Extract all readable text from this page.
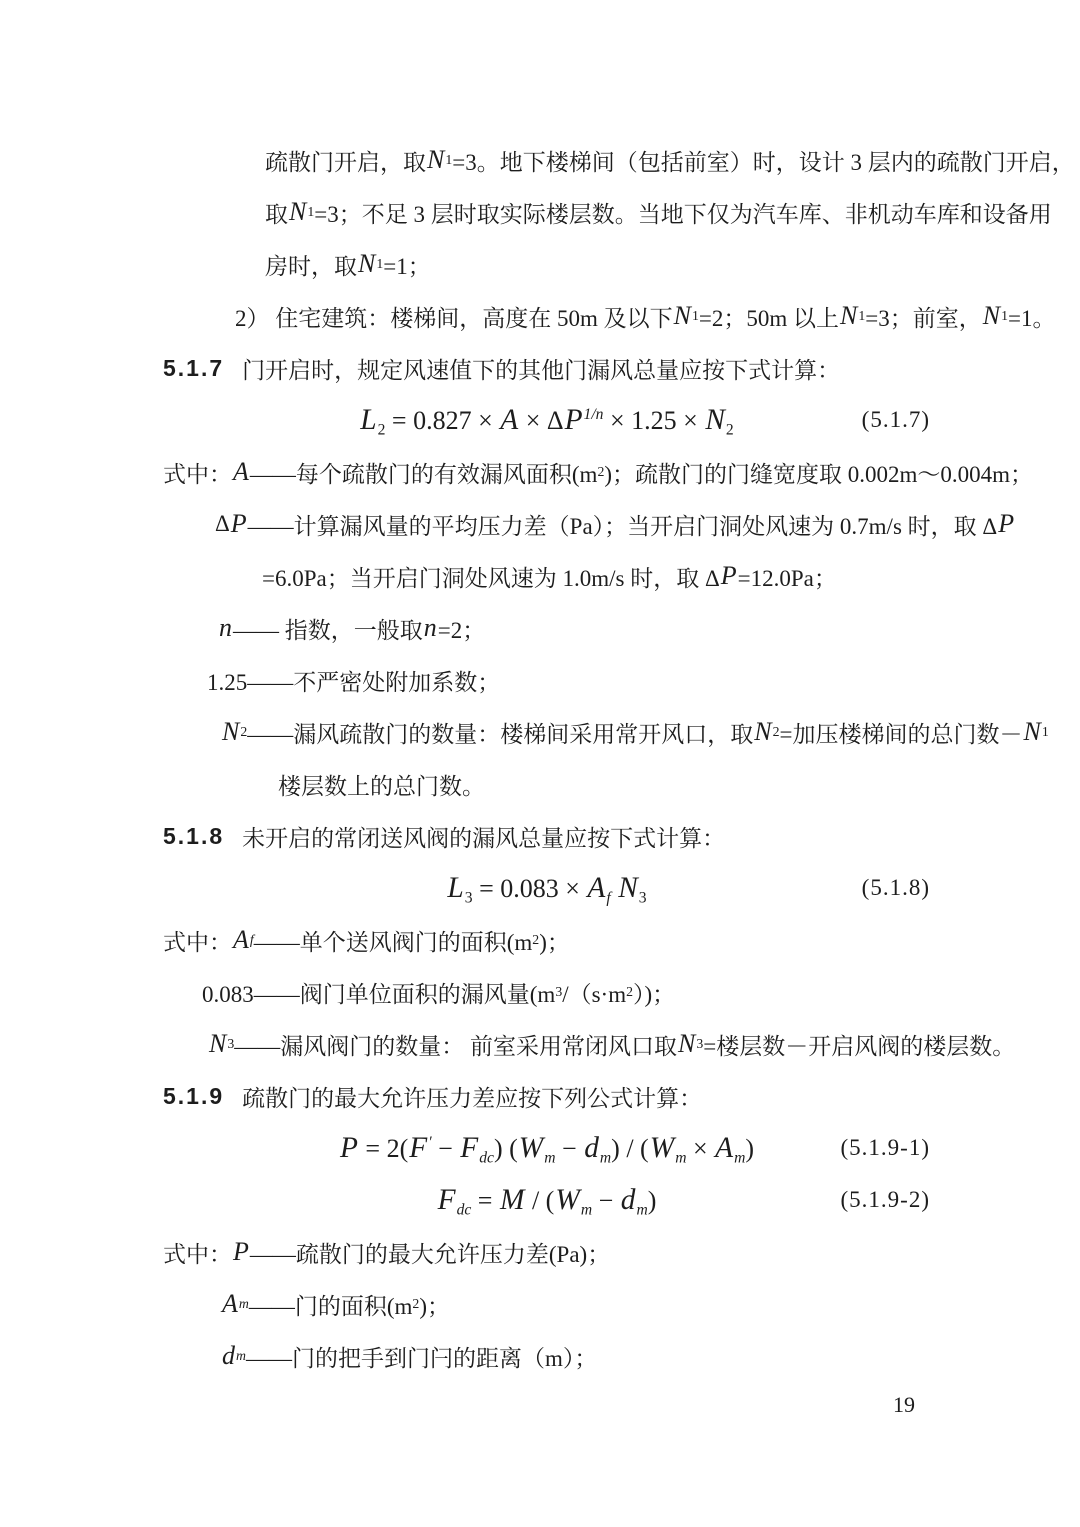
疏散门开启，取 N 1 =3。地下楼梯间（包括前室）时，设计 3 层内的疏散门开启，
取 N 1 =3；不足 3 层时取实际楼层数。当地下仅为汽车库、非机动车库和设备用
房时，取 N 1 =1；
2） 住宅建筑：楼梯间，高度在 50m 及以下 N 1 =2；50m 以上 N 1 =3；前室， N 1 =1。
5.1.7 门开启时，规定风速值下的其他门漏风总量应按下式计算：
$L_2 = 0.827 \times A \times \Delta P^{1/n} \times 1.25 \times N_2$	(5.1.7)
式中： A ——每个疏散门的有效漏风面积(m 2 )；疏散门的门缝宽度取 0.002m～0.004m；
Δ P ——计算漏风量的平均压力差（Pa）；当开启门洞处风速为 0.7m/s 时，取 Δ P
=6.0Pa；当开启门洞处风速为 1.0m/s 时，取 Δ P =12.0Pa；
n —— 指数，一般取 n =2；
1.25——不严密处附加系数；
N 2 ——漏风疏散门的数量：楼梯间采用常开风口，取 N 2 =加压楼梯间的总门数－ N 1
楼层数上的总门数。
5.1.8 未开启的常闭送风阀的漏风总量应按下式计算：
$L_3 = 0.083 \times A_f$ $N_3$	(5.1.8)
式中： A f ——单个送风阀门的面积(m 2 )；
0.083——阀门单位面积的漏风量(m 3 /（s·m 2 ）)；
N 3 ——漏风阀门的数量： 前室采用常闭风口取 N 3 =楼层数－开启风阀的楼层数。
5.1.9 疏散门的最大允许压力差应按下列公式计算：
$P = 2(F' - F_{dc})$ $(W_m - d_m) / (W_m \times A_m)$	(5.1.9-1)
$F_{dc} = M / (W_m - d_m)$	(5.1.9-2)
式中： P ——疏散门的最大允许压力差(Pa)；
A m ——门的面积(m 2 )；
d m ——门的把手到门闩的距离（m）；
19
